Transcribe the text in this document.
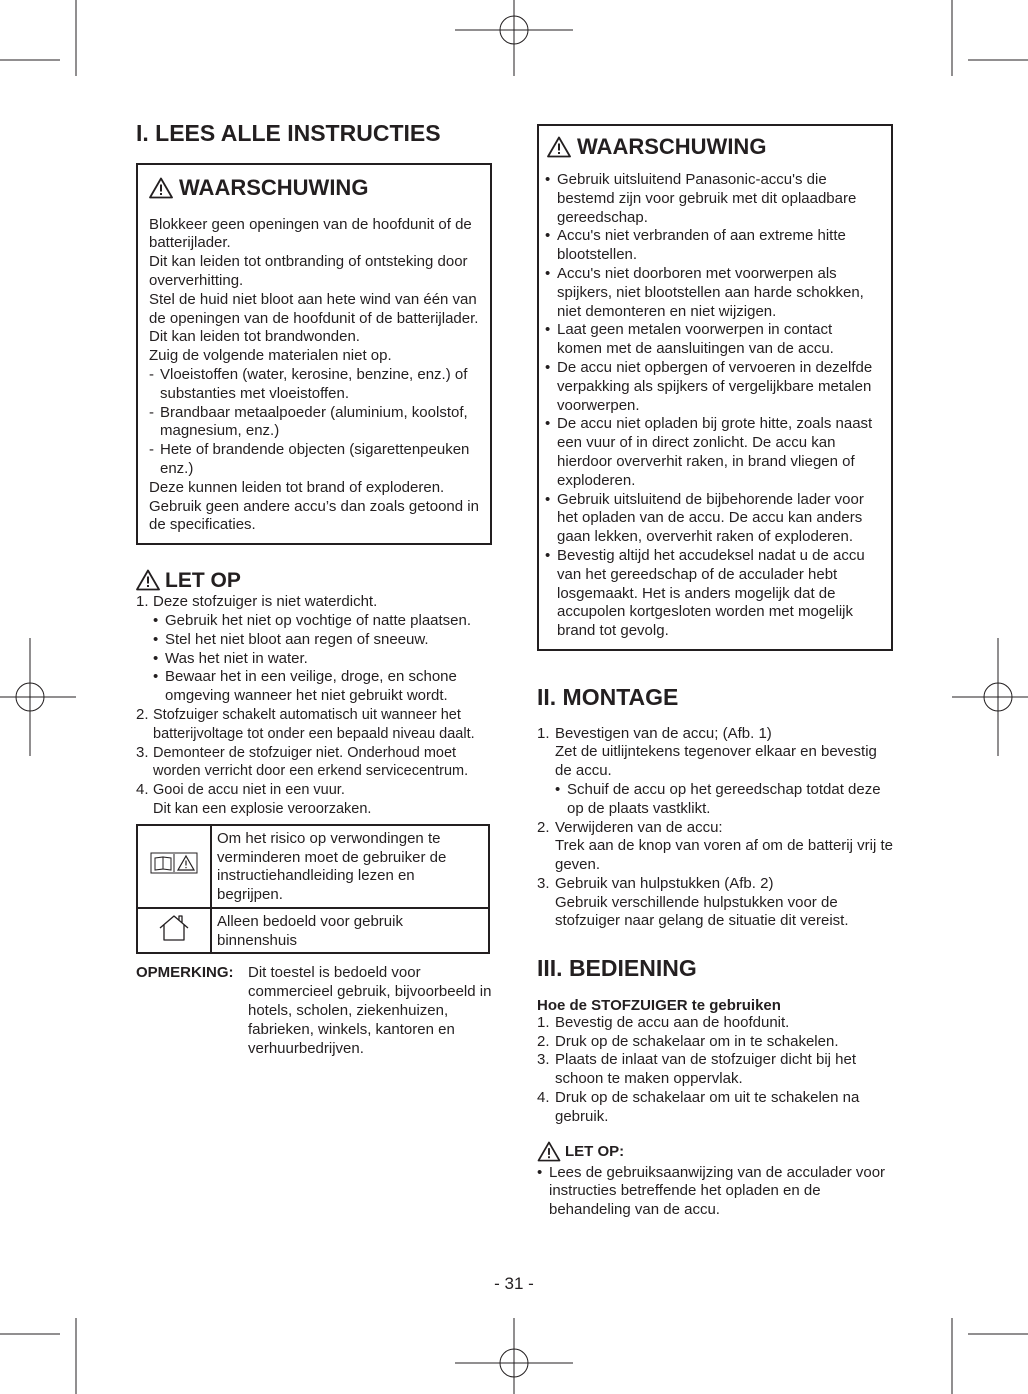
I. LEES ALLE INSTRUCTIES
WAARSCHUWING
Blokkeer geen openingen van de hoofdunit of de batterijlader.
Dit kan leiden tot ontbranding of ontsteking door oververhitting.
Stel de huid niet bloot aan hete wind van één van de openingen van de hoofdunit of de batterijlader.
Dit kan leiden tot brandwonden.
Zuig de volgende materialen niet op.
- Vloeistoffen (water, kerosine, benzine, enz.) of substanties met vloeistoffen.
- Brandbaar metaalpoeder (aluminium, koolstof, magnesium, enz.)
- Hete of brandende objecten (sigarettenpeuken enz.)
Deze kunnen leiden tot brand of exploderen.
Gebruik geen andere accu’s dan zoals getoond in de specificaties.
LET OP
1. Deze stofzuiger is niet waterdicht.
• Gebruik het niet op vochtige of natte plaatsen.
• Stel het niet bloot aan regen of sneeuw.
• Was het niet in water.
• Bewaar het in een veilige, droge, en schone omgeving wanneer het niet gebruikt wordt.
2. Stofzuiger schakelt automatisch uit wanneer het batterijvoltage tot onder een bepaald niveau daalt.
3. Demonteer de stofzuiger niet. Onderhoud moet worden verricht door een erkend servicecentrum.
4. Gooi de accu niet in een vuur.
Dit kan een explosie veroorzaken.
	Om het risico op verwondingen te verminderen moet de gebruiker de instructiehandleiding lezen en begrijpen.
	Alleen bedoeld voor gebruik binnenshuis
OPMERKING: Dit toestel is bedoeld voor commercieel gebruik, bijvoorbeeld in hotels, scholen, ziekenhuizen, fabrieken, winkels, kantoren en verhuurbedrijven.
WAARSCHUWING
• Gebruik uitsluitend Panasonic-accu's die bestemd zijn voor gebruik met dit oplaadbare gereedschap.
• Accu's niet verbranden of aan extreme hitte blootstellen.
• Accu's niet doorboren met voorwerpen als spijkers, niet blootstellen aan harde schokken, niet demonteren en niet wijzigen.
• Laat geen metalen voorwerpen in contact komen met de aansluitingen van de accu.
• De accu niet opbergen of vervoeren in dezelfde verpakking als spijkers of vergelijkbare metalen voorwerpen.
• De accu niet opladen bij grote hitte, zoals naast een vuur of in direct zonlicht. De accu kan hierdoor oververhit raken, in brand vliegen of exploderen.
• Gebruik uitsluitend de bijbehorende lader voor het opladen van de accu. De accu kan anders gaan lekken, oververhit raken of exploderen.
• Bevestig altijd het accudeksel nadat u de accu van het gereedschap of de acculader hebt losgemaakt. Het is anders mogelijk dat de accupolen kortgesloten worden met mogelijk brand tot gevolg.
II. MONTAGE
1. Bevestigen van de accu; (Afb. 1)
Zet de uitlijntekens tegenover elkaar en bevestig de accu.
• Schuif de accu op het gereedschap totdat deze op de plaats vastklikt.
2. Verwijderen van de accu:
Trek aan de knop van voren af om de batterij vrij te geven.
3. Gebruik van hulpstukken (Afb. 2)
Gebruik verschillende hulpstukken voor de stofzuiger naar gelang de situatie dit vereist.
III. BEDIENING
Hoe de STOFZUIGER te gebruiken
1. Bevestig de accu aan de hoofdunit.
2. Druk op de schakelaar om in te schakelen.
3. Plaats de inlaat van de stofzuiger dicht bij het schoon te maken oppervlak.
4. Druk op de schakelaar om uit te schakelen na gebruik.
LET OP:
• Lees de gebruiksaanwijzing van de acculader voor instructies betreffende het opladen en de behandeling van de accu.
- 31 -
